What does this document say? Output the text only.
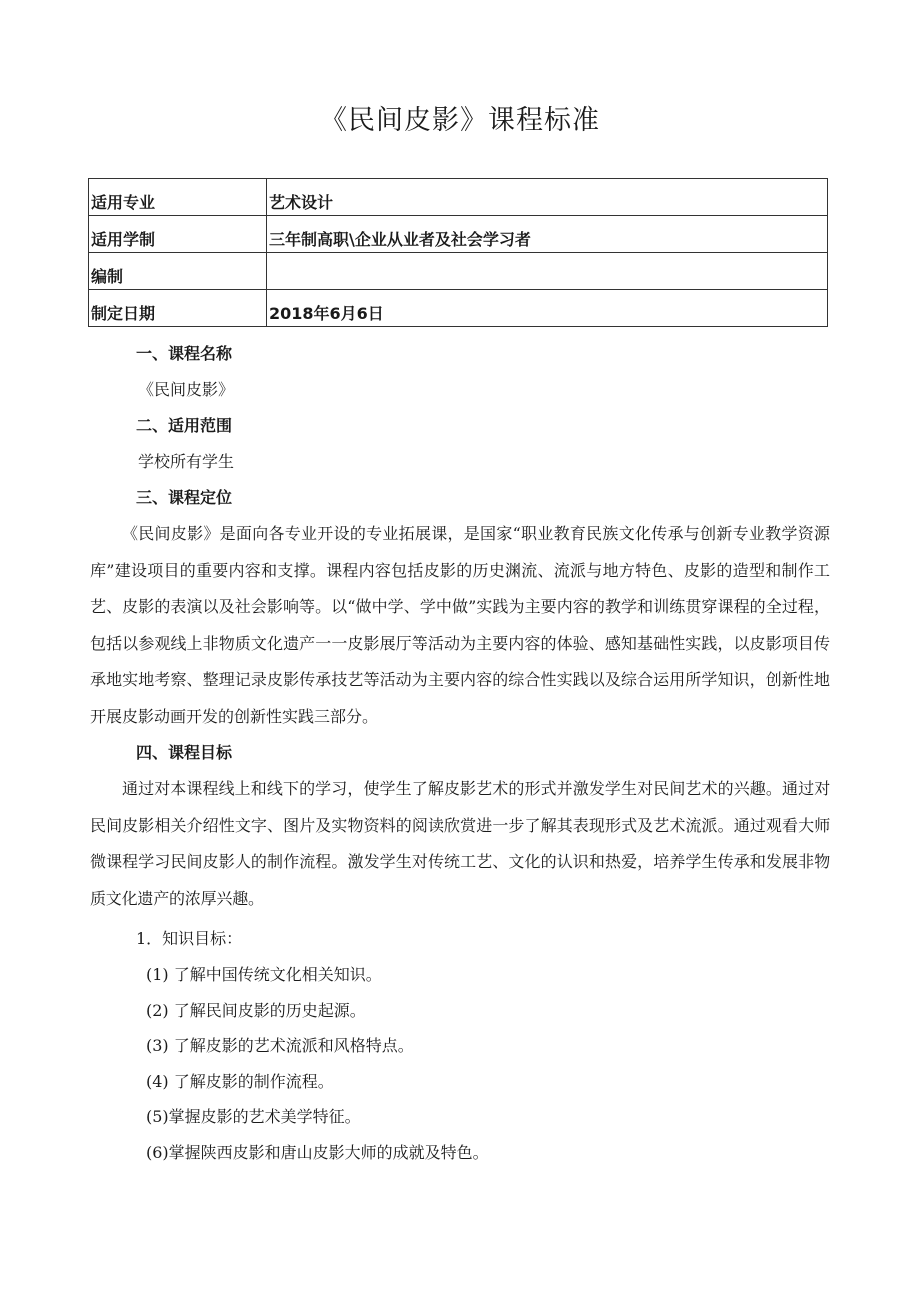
《民间皮影》课程标准
适用专业	艺术设计
适用学制	三年制高职\企业从业者及社会学习者
编制	
制定日期	2018年6月6日
一、课程名称
《民间皮影》
二、适用范围
学校所有学生
三、课程定位

《民间皮影》是面向各专业开设的专业拓展课，是国家“职业教育民族文化传承与创新专业教学资源库”建设项目的重要内容和支撑。课程内容包括皮影的历史渊流、流派与地方特色、皮影的造型和制作工艺、皮影的表演以及社会影响等。以“做中学、学中做”实践为主要内容的教学和训练贯穿课程的全过程，包括以参观线上非物质文化遗产一一皮影展厅等活动为主要内容的体验、感知基础性实践，以皮影项目传承地实地考察、整理记录皮影传承技艺等活动为主要内容的综合性实践以及综合运用所学知识，创新性地开展皮影动画开发的创新性实践三部分。

四、课程目标

通过对本课程线上和线下的学习，使学生了解皮影艺术的形式并激发学生对民间艺术的兴趣。通过对民间皮影相关介绍性文字、图片及实物资料的阅读欣赏进一步了解其表现形式及艺术流派。通过观看大师微课程学习民间皮影人的制作流程。激发学生对传统工艺、文化的认识和热爱，培养学生传承和发展非物质文化遗产的浓厚兴趣。

1．知识目标：
(1) 了解中国传统文化相关知识。
(2) 了解民间皮影的历史起源。
(3) 了解皮影的艺术流派和风格特点。
(4) 了解皮影的制作流程。
(5)掌握皮影的艺术美学特征。
(6)掌握陕西皮影和唐山皮影大师的成就及特色。
